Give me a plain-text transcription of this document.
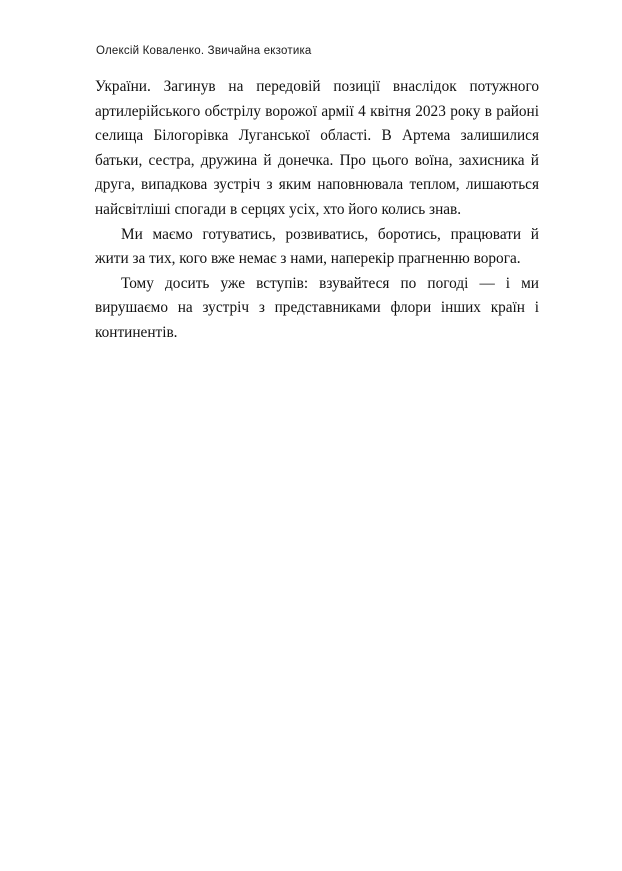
Олексій Коваленко. Звичайна екзотика

України. Загинув на передовій позиції внаслідок потужного артилерійського обстрілу ворожої армії 4 квітня 2023 року в районі селища Білогорівка Луганської області. В Артема залишилися батьки, сестра, дружина й донечка. Про цього воїна, захисника й друга, випадкова зустріч з яким наповнювала теплом, лишаються найсвітліші спогади в серцях усіх, хто його колись знав.

Ми маємо готуватись, розвиватись, боротись, працювати й жити за тих, кого вже немає з нами, наперекір прагненню ворога.

Тому досить уже вступів: взувайтеся по погоді — і ми вирушаємо на зустріч з представниками флори інших країн і континентів.
